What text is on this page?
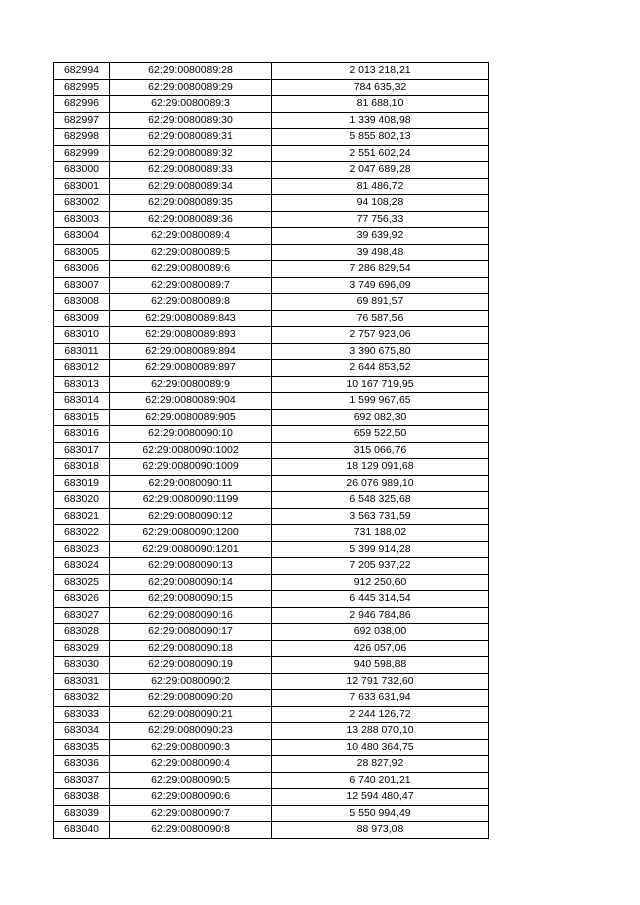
682994	62:29:0080089:28	2 013 218,21
682995	62:29:0080089:29	784 635,32
682996	62:29:0080089:3	81 688,10
682997	62:29:0080089:30	1 339 408,98
682998	62:29:0080089:31	5 855 802,13
682999	62:29:0080089:32	2 551 602,24
683000	62:29:0080089:33	2 047 689,28
683001	62:29:0080089:34	81 486,72
683002	62:29:0080089:35	94 108,28
683003	62:29:0080089:36	77 756,33
683004	62:29:0080089:4	39 639,92
683005	62:29:0080089:5	39 498,48
683006	62:29:0080089:6	7 286 829,54
683007	62:29:0080089:7	3 749 696,09
683008	62:29:0080089:8	69 891,57
683009	62:29:0080089:843	76 587,56
683010	62:29:0080089:893	2 757 923,06
683011	62:29:0080089:894	3 390 675,80
683012	62:29:0080089:897	2 644 853,52
683013	62:29:0080089:9	10 167 719,95
683014	62:29:0080089:904	1 599 967,65
683015	62:29:0080089:905	692 082,30
683016	62:29:0080090:10	659 522,50
683017	62:29:0080090:1002	315 066,76
683018	62:29:0080090:1009	18 129 091,68
683019	62:29:0080090:11	26 076 989,10
683020	62:29:0080090:1199	6 548 325,68
683021	62:29:0080090:12	3 563 731,59
683022	62:29:0080090:1200	731 188,02
683023	62:29:0080090:1201	5 399 914,28
683024	62:29:0080090:13	7 205 937,22
683025	62:29:0080090:14	912 250,60
683026	62:29:0080090:15	6 445 314,54
683027	62:29:0080090:16	2 946 784,86
683028	62:29:0080090:17	692 038,00
683029	62:29:0080090:18	426 057,06
683030	62:29:0080090:19	940 598,88
683031	62:29:0080090:2	12 791 732,60
683032	62:29:0080090:20	7 633 631,94
683033	62:29:0080090:21	2 244 126,72
683034	62:29:0080090:23	13 288 070,10
683035	62:29:0080090:3	10 480 364,75
683036	62:29:0080090:4	28 827,92
683037	62:29:0080090:5	6 740 201,21
683038	62:29:0080090:6	12 594 480,47
683039	62:29:0080090:7	5 550 994,49
683040	62:29:0080090:8	88 973,08
